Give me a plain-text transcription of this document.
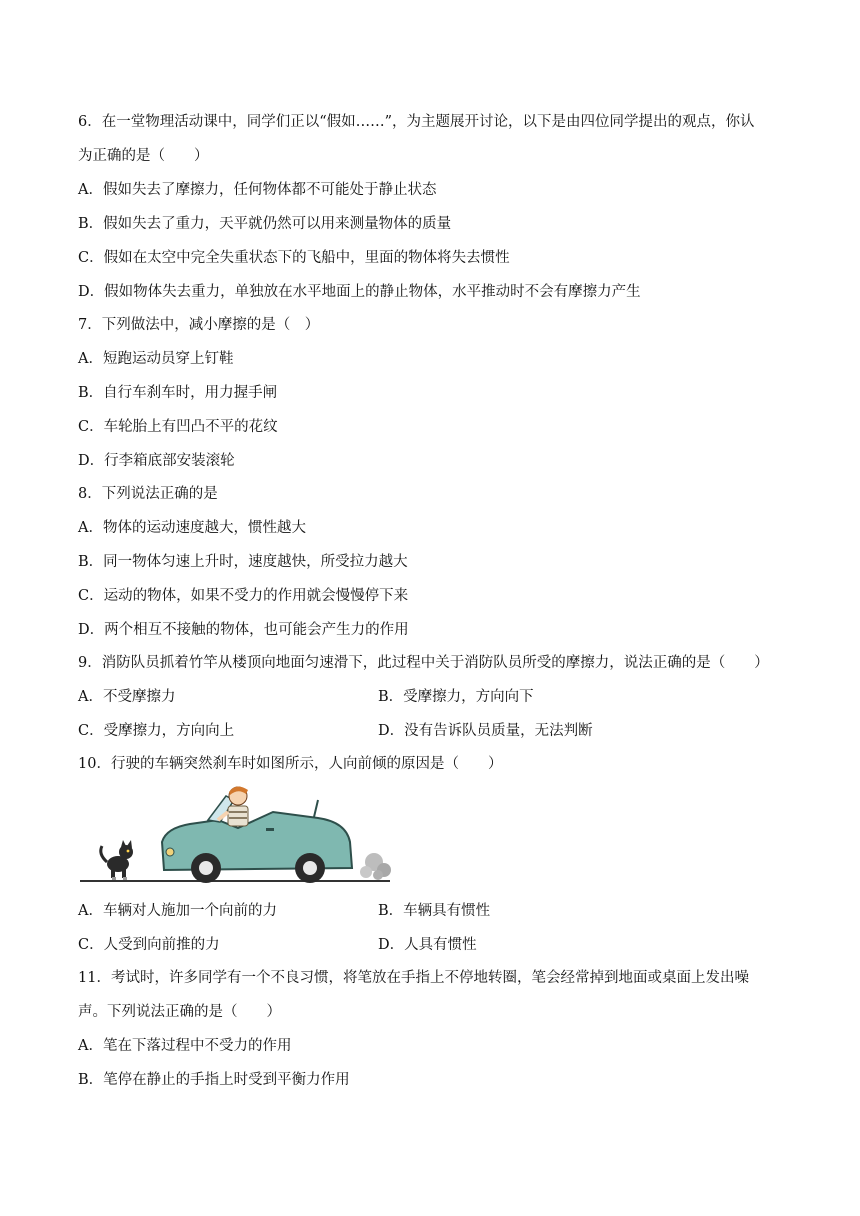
6．在一堂物理活动课中，同学们正以“假如……”，为主题展开讨论，以下是由四位同学提出的观点，你认
为正确的是（　　）
A．假如失去了摩擦力，任何物体都不可能处于静止状态
B．假如失去了重力，天平就仍然可以用来测量物体的质量
C．假如在太空中完全失重状态下的飞船中，里面的物体将失去惯性
D．假如物体失去重力，单独放在水平地面上的静止物体，水平推动时不会有摩擦力产生
7．下列做法中，减小摩擦的是（　）
A．短跑运动员穿上钉鞋
B．自行车刹车时，用力握手闸
C．车轮胎上有凹凸不平的花纹
D．行李箱底部安装滚轮
8．下列说法正确的是
A．物体的运动速度越大，惯性越大
B．同一物体匀速上升时，速度越快，所受拉力越大
C．运动的物体，如果不受力的作用就会慢慢停下来
D．两个相互不接触的物体，也可能会产生力的作用
9．消防队员抓着竹竿从楼顶向地面匀速滑下，此过程中关于消防队员所受的摩擦力，说法正确的是（　　）
A．不受摩擦力	B．受摩擦力，方向向下
C．受摩擦力，方向向上	D．没有告诉队员质量，无法判断
10．行驶的车辆突然刹车时如图所示，人向前倾的原因是（　　）
A．车辆对人施加一个向前的力	B．车辆具有惯性
C．人受到向前推的力	D．人具有惯性
11．考试时，许多同学有一个不良习惯，将笔放在手指上不停地转圈，笔会经常掉到地面或桌面上发出噪
声。下列说法正确的是（　　）
A．笔在下落过程中不受力的作用
B．笔停在静止的手指上时受到平衡力作用
